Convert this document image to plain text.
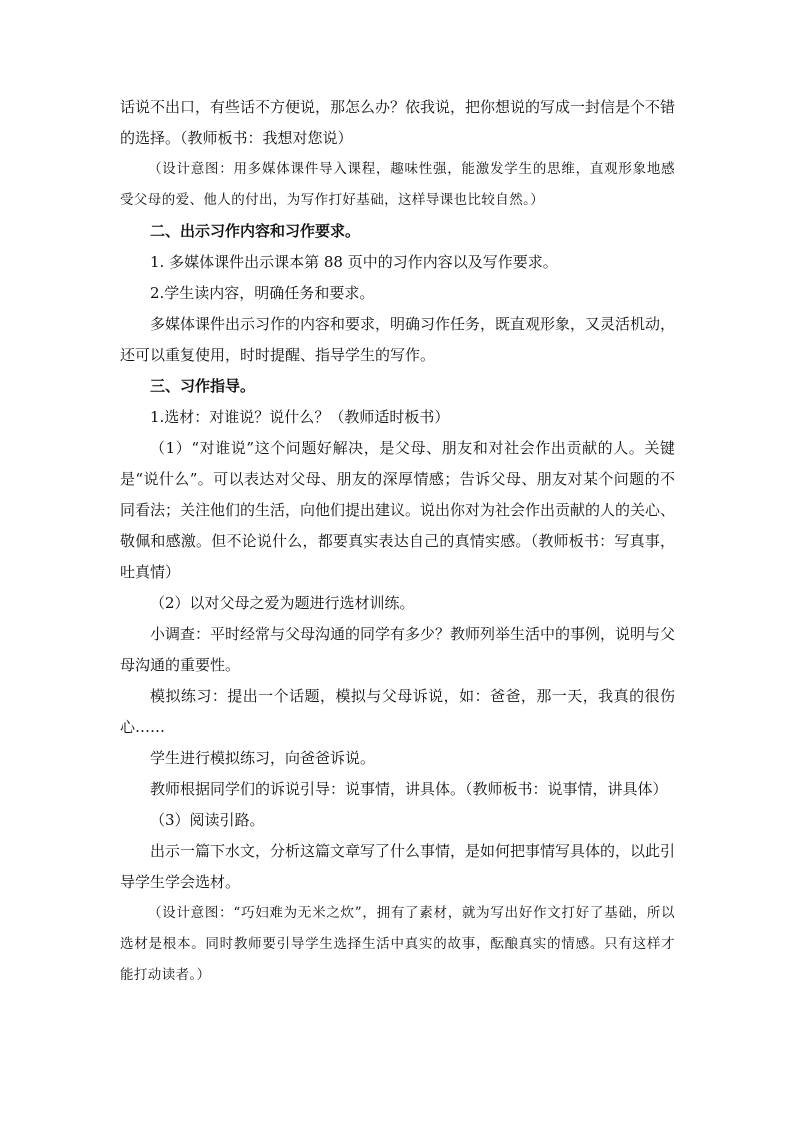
话说不出口，有些话不方便说，那怎么办？依我说，把你想说的写成一封信是个不错的选择。（教师板书：我想对您说）

（设计意图：用多媒体课件导入课程，趣味性强，能激发学生的思维，直观形象地感受父母的爱、他人的付出，为写作打好基础，这样导课也比较自然。）

二、出示习作内容和习作要求。

1. 多媒体课件出示课本第 88 页中的习作内容以及写作要求。

2.学生读内容，明确任务和要求。

多媒体课件出示习作的内容和要求，明确习作任务，既直观形象，又灵活机动，还可以重复使用，时时提醒、指导学生的写作。

三、习作指导。

1.选材：对谁说？说什么？（教师适时板书）

（1）“对谁说”这个问题好解决，是父母、朋友和对社会作出贡献的人。关键是“说什么”。可以表达对父母、朋友的深厚情感；告诉父母、朋友对某个问题的不同看法；关注他们的生活，向他们提出建议。说出你对为社会作出贡献的人的关心、敬佩和感激。但不论说什么，都要真实表达自己的真情实感。（教师板书：写真事，吐真情）

（2）以对父母之爱为题进行选材训练。

小调查：平时经常与父母沟通的同学有多少？教师列举生活中的事例，说明与父母沟通的重要性。

模拟练习：提出一个话题，模拟与父母诉说，如：爸爸，那一天，我真的很伤心……

学生进行模拟练习，向爸爸诉说。

教师根据同学们的诉说引导：说事情，讲具体。（教师板书：说事情，讲具体）

（3）阅读引路。

出示一篇下水文，分析这篇文章写了什么事情，是如何把事情写具体的，以此引导学生学会选材。

（设计意图：“巧妇难为无米之炊”，拥有了素材，就为写出好作文打好了基础，所以选材是根本。同时教师要引导学生选择生活中真实的故事，酝酿真实的情感。只有这样才能打动读者。）
